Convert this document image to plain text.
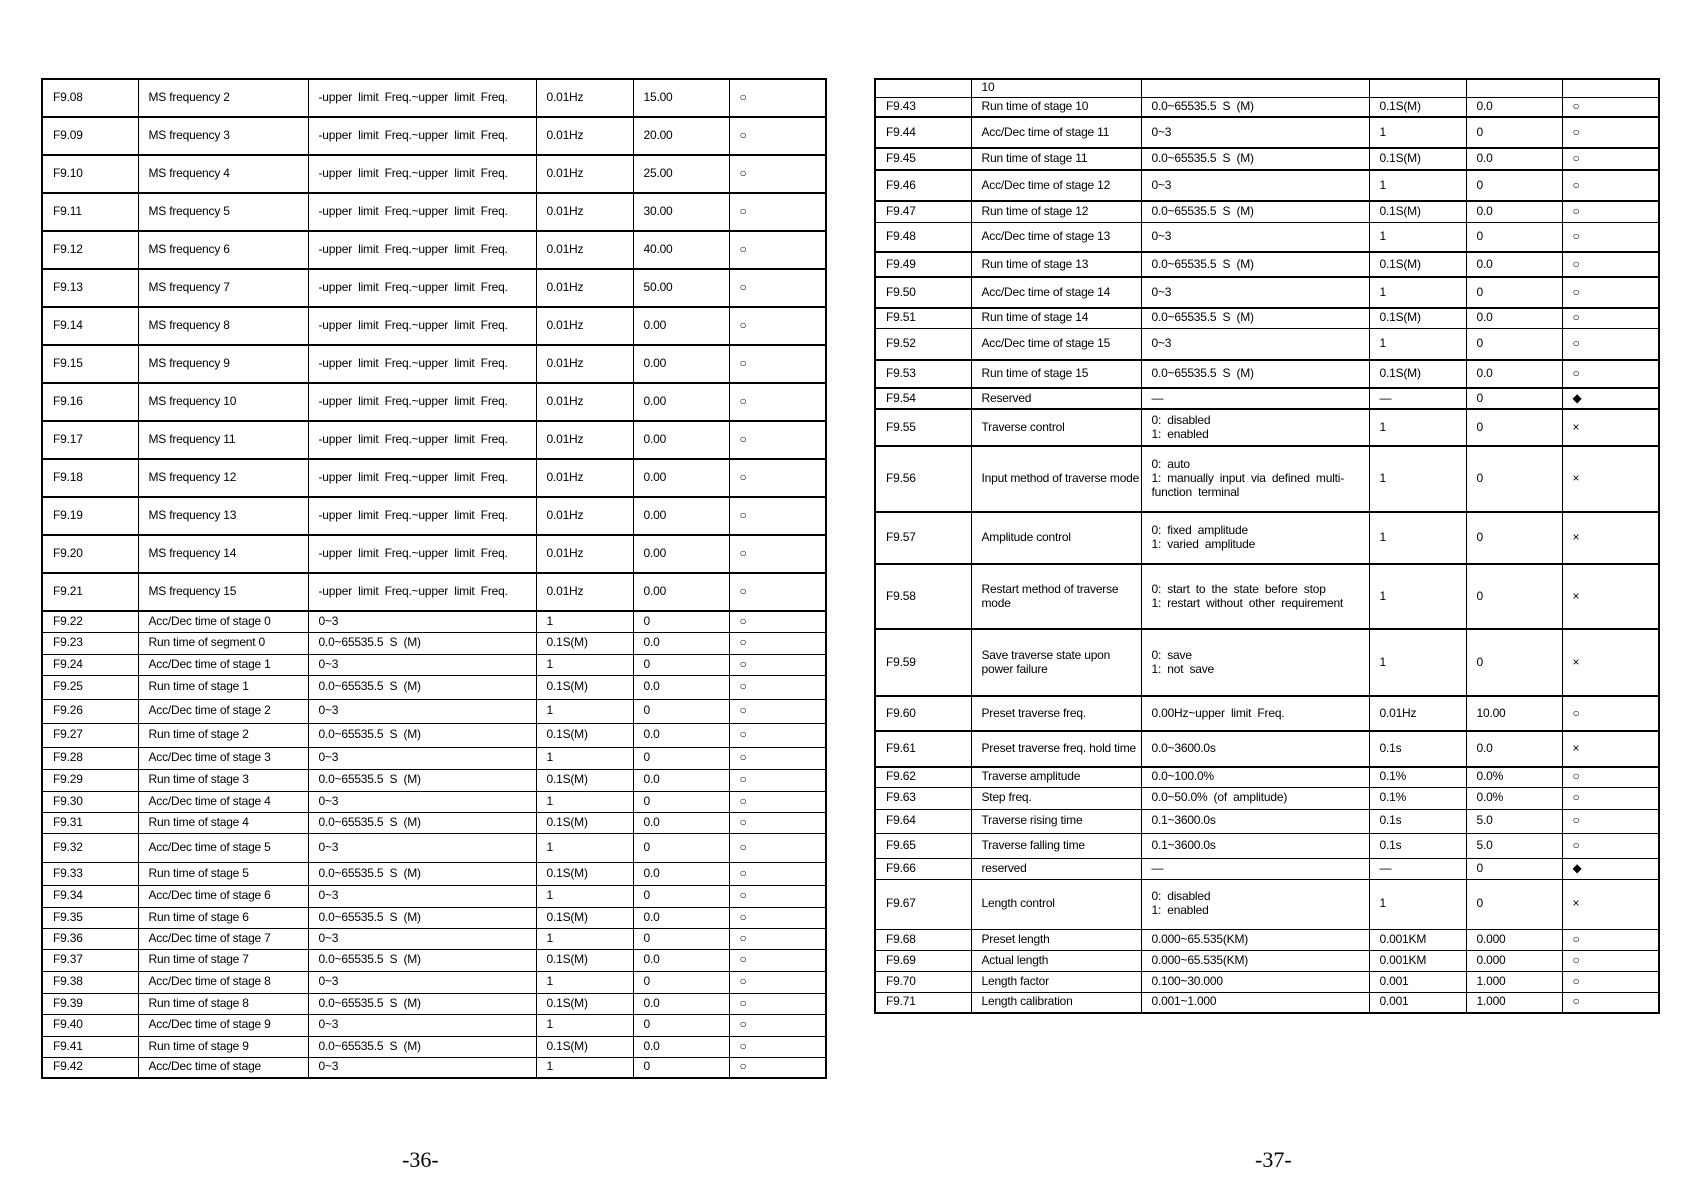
F9.08	MS frequency 2	-upper limit Freq.~upper limit Freq.	0.01Hz	15.00	○
F9.09	MS frequency 3	-upper limit Freq.~upper limit Freq.	0.01Hz	20.00	○
F9.10	MS frequency 4	-upper limit Freq.~upper limit Freq.	0.01Hz	25.00	○
F9.11	MS frequency 5	-upper limit Freq.~upper limit Freq.	0.01Hz	30.00	○
F9.12	MS frequency 6	-upper limit Freq.~upper limit Freq.	0.01Hz	40.00	○
F9.13	MS frequency 7	-upper limit Freq.~upper limit Freq.	0.01Hz	50.00	○
F9.14	MS frequency 8	-upper limit Freq.~upper limit Freq.	0.01Hz	0.00	○
F9.15	MS frequency 9	-upper limit Freq.~upper limit Freq.	0.01Hz	0.00	○
F9.16	MS frequency 10	-upper limit Freq.~upper limit Freq.	0.01Hz	0.00	○
F9.17	MS frequency 11	-upper limit Freq.~upper limit Freq.	0.01Hz	0.00	○
F9.18	MS frequency 12	-upper limit Freq.~upper limit Freq.	0.01Hz	0.00	○
F9.19	MS frequency 13	-upper limit Freq.~upper limit Freq.	0.01Hz	0.00	○
F9.20	MS frequency 14	-upper limit Freq.~upper limit Freq.	0.01Hz	0.00	○
F9.21	MS frequency 15	-upper limit Freq.~upper limit Freq.	0.01Hz	0.00	○
F9.22	Acc/Dec time of stage 0	0~3	1	0	○
F9.23	Run time of segment 0	0.0~65535.5 S (M)	0.1S(M)	0.0	○
F9.24	Acc/Dec time of stage 1	0~3	1	0	○
F9.25	Run time of stage 1	0.0~65535.5 S (M)	0.1S(M)	0.0	○
F9.26	Acc/Dec time of stage 2	0~3	1	0	○
F9.27	Run time of stage 2	0.0~65535.5 S (M)	0.1S(M)	0.0	○
F9.28	Acc/Dec time of stage 3	0~3	1	0	○
F9.29	Run time of stage 3	0.0~65535.5 S (M)	0.1S(M)	0.0	○
F9.30	Acc/Dec time of stage 4	0~3	1	0	○
F9.31	Run time of stage 4	0.0~65535.5 S (M)	0.1S(M)	0.0	○
F9.32	Acc/Dec time of stage 5	0~3	1	0	○
F9.33	Run time of stage 5	0.0~65535.5 S (M)	0.1S(M)	0.0	○
F9.34	Acc/Dec time of stage 6	0~3	1	0	○
F9.35	Run time of stage 6	0.0~65535.5 S (M)	0.1S(M)	0.0	○
F9.36	Acc/Dec time of stage 7	0~3	1	0	○
F9.37	Run time of stage 7	0.0~65535.5 S (M)	0.1S(M)	0.0	○
F9.38	Acc/Dec time of stage 8	0~3	1	0	○
F9.39	Run time of stage 8	0.0~65535.5 S (M)	0.1S(M)	0.0	○
F9.40	Acc/Dec time of stage 9	0~3	1	0	○
F9.41	Run time of stage 9	0.0~65535.5 S (M)	0.1S(M)	0.0	○
F9.42	Acc/Dec time of stage	0~3	1	0	○
	10				
F9.43	Run time of stage 10	0.0~65535.5 S (M)	0.1S(M)	0.0	○
F9.44	Acc/Dec time of stage 11	0~3	1	0	○
F9.45	Run time of stage 11	0.0~65535.5 S (M)	0.1S(M)	0.0	○
F9.46	Acc/Dec time of stage 12	0~3	1	0	○
F9.47	Run time of stage 12	0.0~65535.5 S (M)	0.1S(M)	0.0	○
F9.48	Acc/Dec time of stage 13	0~3	1	0	○
F9.49	Run time of stage 13	0.0~65535.5 S (M)	0.1S(M)	0.0	○
F9.50	Acc/Dec time of stage 14	0~3	1	0	○
F9.51	Run time of stage 14	0.0~65535.5 S (M)	0.1S(M)	0.0	○
F9.52	Acc/Dec time of stage 15	0~3	1	0	○
F9.53	Run time of stage 15	0.0~65535.5 S (M)	0.1S(M)	0.0	○
F9.54	Reserved	—	—	0	◆
F9.55	Traverse control	0: disabled
1: enabled	1	0	×
F9.56	Input method of traverse mode	0: auto
1: manually input via defined multi-function terminal	1	0	×
F9.57	Amplitude control	0: fixed amplitude
1: varied amplitude	1	0	×
F9.58	Restart method of traverse mode	0: start to the state before stop
1: restart without other requirement	1	0	×
F9.59	Save traverse state upon power failure	0: save
1: not save	1	0	×
F9.60	Preset traverse freq.	0.00Hz~upper limit Freq.	0.01Hz	10.00	○
F9.61	Preset traverse freq. hold time	0.0~3600.0s	0.1s	0.0	×
F9.62	Traverse amplitude	0.0~100.0%	0.1%	0.0%	○
F9.63	Step freq.	0.0~50.0% (of amplitude)	0.1%	0.0%	○
F9.64	Traverse rising time	0.1~3600.0s	0.1s	5.0	○
F9.65	Traverse falling time	0.1~3600.0s	0.1s	5.0	○
F9.66	reserved	—	—	0	◆
F9.67	Length control	0: disabled
1: enabled	1	0	×
F9.68	Preset length	0.000~65.535(KM)	0.001KM	0.000	○
F9.69	Actual length	0.000~65.535(KM)	0.001KM	0.000	○
F9.70	Length factor	0.100~30.000	0.001	1.000	○
F9.71	Length calibration	0.001~1.000	0.001	1.000	○
-36-	-37-
